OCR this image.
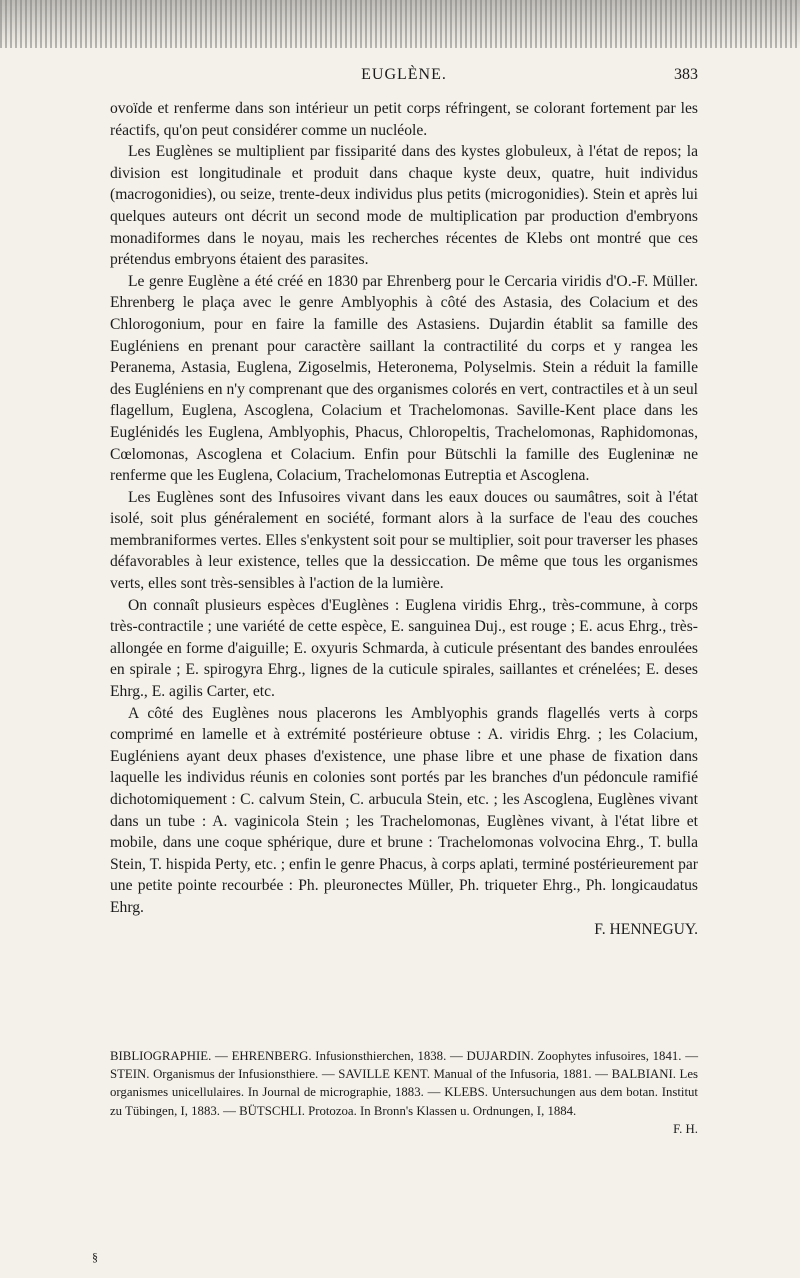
EUGLÈNE.	383

ovoïde et renferme dans son intérieur un petit corps réfringent, se colorant fortement par les réactifs, qu'on peut considérer comme un nucléole.

Les Euglènes se multiplient par fissiparité dans des kystes globuleux, à l'état de repos; la division est longitudinale et produit dans chaque kyste deux, quatre, huit individus (macrogonidies), ou seize, trente-deux individus plus petits (microgonidies). Stein et après lui quelques auteurs ont décrit un second mode de multiplication par production d'embryons monadiformes dans le noyau, mais les recherches récentes de Klebs ont montré que ces prétendus embryons étaient des parasites.

Le genre Euglène a été créé en 1830 par Ehrenberg pour le Cercaria viridis d'O.-F. Müller. Ehrenberg le plaça avec le genre Amblyophis à côté des Astasia, des Colacium et des Chlorogonium, pour en faire la famille des Astasiens. Dujardin établit sa famille des Eugléniens en prenant pour caractère saillant la contractilité du corps et y rangea les Peranema, Astasia, Euglena, Zigoselmis, Heteronema, Polyselmis. Stein a réduit la famille des Eugléniens en n'y comprenant que des organismes colorés en vert, contractiles et à un seul flagellum, Euglena, Ascoglena, Colacium et Trachelomonas. Saville-Kent place dans les Euglénidés les Euglena, Amblyophis, Phacus, Chloropeltis, Trachelomonas, Raphidomonas, Cœlomonas, Ascoglena et Colacium. Enfin pour Bütschli la famille des Eugleninæ ne renferme que les Euglena, Colacium, Trachelomonas Eutreptia et Ascoglena.

Les Euglènes sont des Infusoires vivant dans les eaux douces ou saumâtres, soit à l'état isolé, soit plus généralement en société, formant alors à la surface de l'eau des couches membraniformes vertes. Elles s'enkystent soit pour se multiplier, soit pour traverser les phases défavorables à leur existence, telles que la dessiccation. De même que tous les organismes verts, elles sont très-sensibles à l'action de la lumière.

On connaît plusieurs espèces d'Euglènes : Euglena viridis Ehrg., très-commune, à corps très-contractile ; une variété de cette espèce, E. sanguinea Duj., est rouge ; E. acus Ehrg., très-allongée en forme d'aiguille; E. oxyuris Schmarda, à cuticule présentant des bandes enroulées en spirale ; E. spirogyra Ehrg., lignes de la cuticule spirales, saillantes et crénelées; E. deses Ehrg., E. agilis Carter, etc.

A côté des Euglènes nous placerons les Amblyophis grands flagellés verts à corps comprimé en lamelle et à extrémité postérieure obtuse : A. viridis Ehrg. ; les Colacium, Eugléniens ayant deux phases d'existence, une phase libre et une phase de fixation dans laquelle les individus réunis en colonies sont portés par les branches d'un pédoncule ramifié dichotomiquement : C. calvum Stein, C. arbucula Stein, etc. ; les Ascoglena, Euglènes vivant dans un tube : A. vaginicola Stein ; les Trachelomonas, Euglènes vivant, à l'état libre et mobile, dans une coque sphérique, dure et brune : Trachelomonas volvocina Ehrg., T. bulla Stein, T. hispida Perty, etc. ; enfin le genre Phacus, à corps aplati, terminé postérieurement par une petite pointe recourbée : Ph. pleuronectes Müller, Ph. triqueter Ehrg., Ph. longicaudatus Ehrg.

F. HENNEGUY.

BIBLIOGRAPHIE. — EHRENBERG. Infusionsthierchen, 1838. — DUJARDIN. Zoophytes infusoires, 1841. — STEIN. Organismus der Infusionsthiere. — SAVILLE KENT. Manual of the Infusoria, 1881. — BALBIANI. Les organismes unicellulaires. In Journal de micrographie, 1883. — KLEBS. Untersuchungen aus dem botan. Institut zu Tübingen, I, 1883. — BÜTSCHLI. Protozoa. In Bronn's Klassen u. Ordnungen, I, 1884.

F. H.

§
